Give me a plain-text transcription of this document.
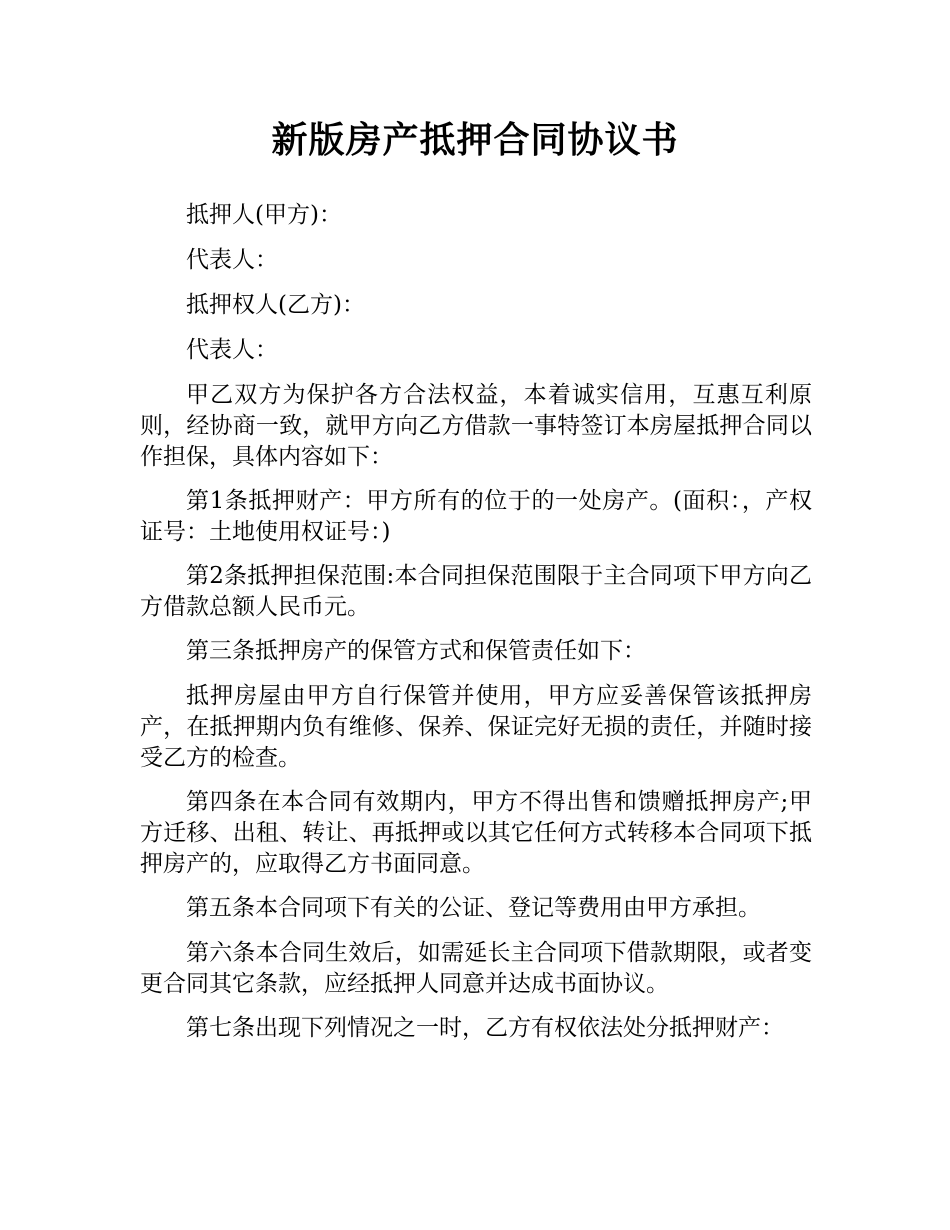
新版房产抵押合同协议书

抵押人(甲方)：

代表人：

抵押权人(乙方)：

代表人：

甲乙双方为保护各方合法权益，本着诚实信用，互惠互利原则，经协商一致，就甲方向乙方借款一事特签订本房屋抵押合同以作担保，具体内容如下：

第1条抵押财产：甲方所有的位于的一处房产。(面积：，产权证号：土地使用权证号：)

第2条抵押担保范围:本合同担保范围限于主合同项下甲方向乙方借款总额人民币元。

第三条抵押房产的保管方式和保管责任如下：

抵押房屋由甲方自行保管并使用，甲方应妥善保管该抵押房产，在抵押期内负有维修、保养、保证完好无损的责任，并随时接受乙方的检查。

第四条在本合同有效期内，甲方不得出售和馈赠抵押房产;甲方迁移、出租、转让、再抵押或以其它任何方式转移本合同项下抵押房产的，应取得乙方书面同意。

第五条本合同项下有关的公证、登记等费用由甲方承担。

第六条本合同生效后，如需延长主合同项下借款期限，或者变更合同其它条款，应经抵押人同意并达成书面协议。

第七条出现下列情况之一时，乙方有权依法处分抵押财产：
